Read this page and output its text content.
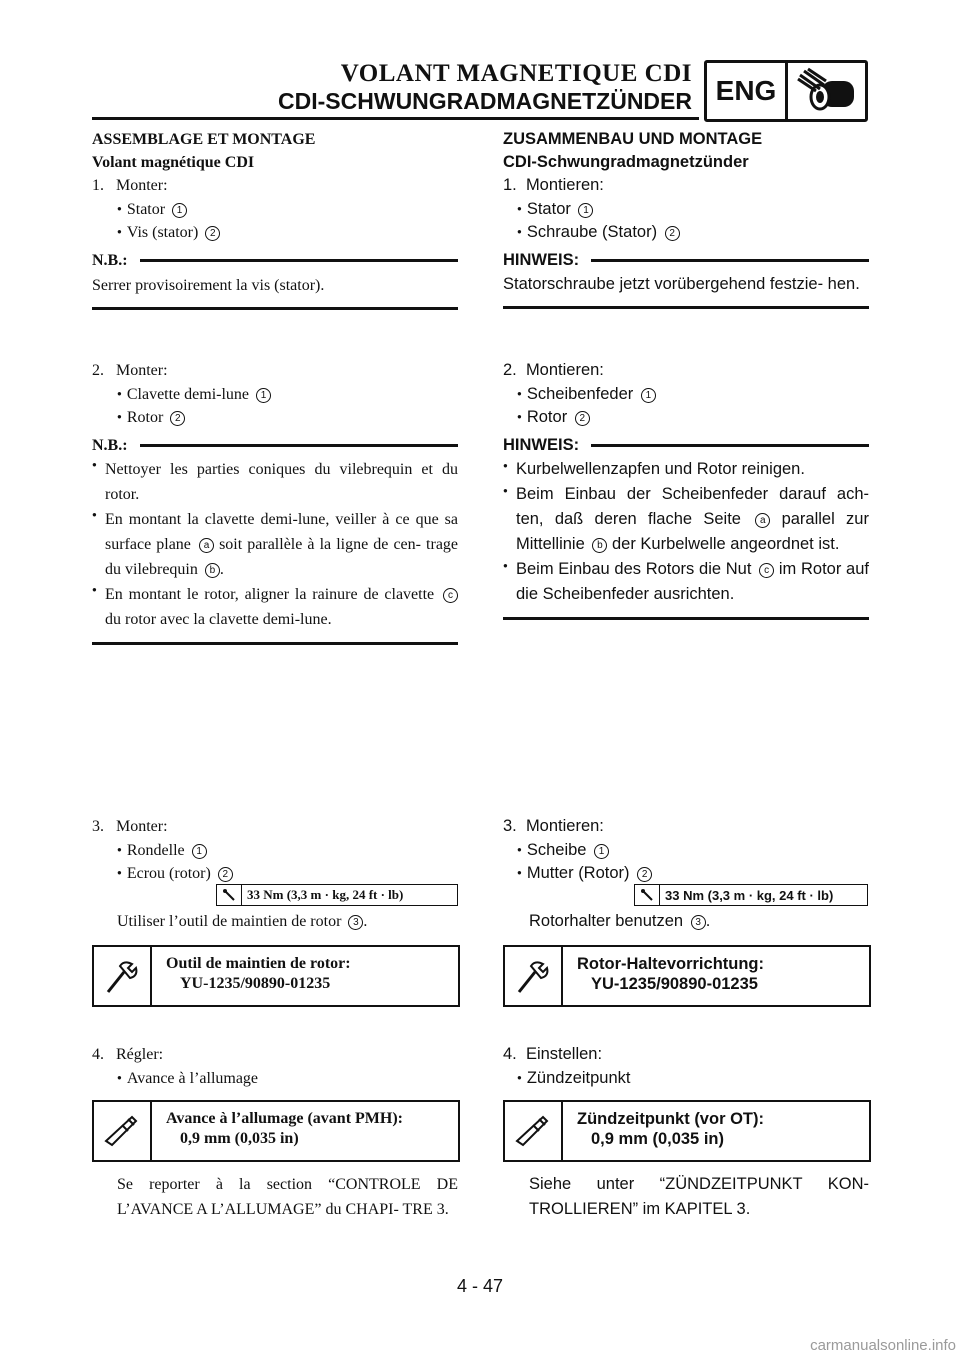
VOLANT MAGNETIQUE CDI
CDI-SCHWUNGRADMAGNETZÜNDER ENG
ASSEMBLAGE ET MONTAGE
Volant magnétique CDI
1. Monter:
● Stator 1
● Vis (stator) 2
N.B.:
Serrer provisoirement la vis (stator).
2. Monter:
● Clavette demi-lune 1
● Rotor 2
N.B.:
●
Nettoyer les parties coniques du vilebrequin et du rotor.
●
En montant la clavette demi-lune, veiller à ce que sa surface plane a soit parallèle à la ligne de cen- trage du vilebrequin b .
●
En montant le rotor, aligner la rainure de clavette c du rotor avec la clavette demi-lune.
3. Monter:
● Rondelle 1
● Ecrou (rotor) 2
33 Nm (3,3 m · kg, 24 ft · lb)
Utiliser l’outil de maintien de rotor 3 .
Outil de maintien de rotor:
YU-1235/90890-01235
4. Régler:
● Avance à l’allumage
Avance à l’allumage (avant PMH):
0,9 mm (0,035 in)
Se reporter à la section “CONTROLE DE L’AVANCE A L’ALLUMAGE” du CHAPI- TRE 3.
ZUSAMMENBAU UND MONTAGE
CDI-Schwungradmagnetzünder
1. Montieren:
● Stator 1
● Schraube (Stator) 2
HINWEIS:
Statorschraube jetzt vorübergehend festzie- hen.
2. Montieren:
● Scheibenfeder 1
● Rotor 2
HINWEIS:
●
Kurbelwellenzapfen und Rotor reinigen.
●
Beim Einbau der Scheibenfeder darauf ach- ten, daß deren flache Seite a parallel zur Mittellinie b der Kurbelwelle angeordnet ist.
●
Beim Einbau des Rotors die Nut c im Rotor auf die Scheibenfeder ausrichten.
3. Montieren:
● Scheibe 1
● Mutter (Rotor) 2
33 Nm (3,3 m · kg, 24 ft · lb)
Rotorhalter benutzen 3 .
Rotor-Haltevorrichtung:
YU-1235/90890-01235
4. Einstellen:
● Zündzeitpunkt
Zündzeitpunkt (vor OT):
0,9 mm (0,035 in)
Siehe unter “ZÜNDZEITPUNKT KON- TROLLIEREN” im KAPITEL 3.
4 - 47
carmanualsonline.info
